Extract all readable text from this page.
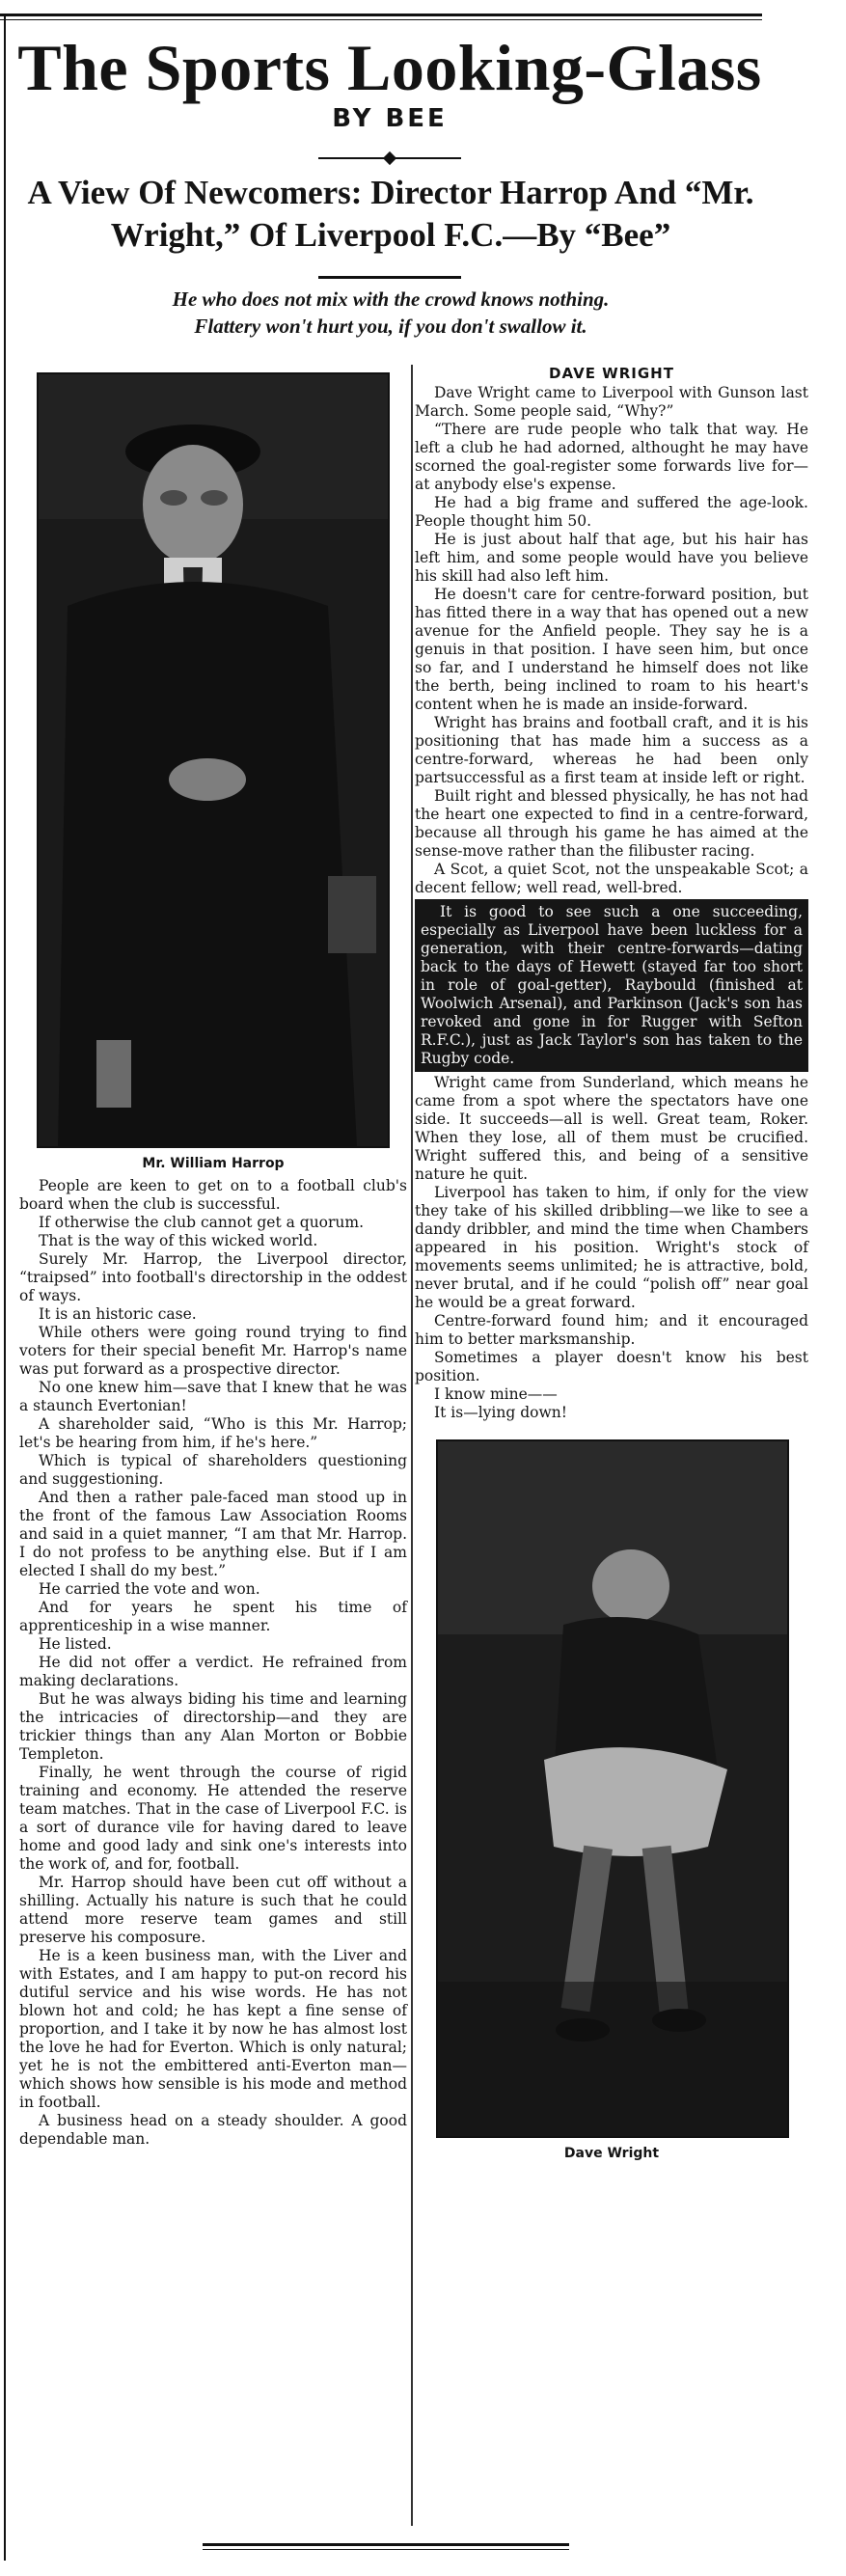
The Sports Looking-Glass
BY BEE
A View Of Newcomers: Director Harrop And “Mr.
Wright,” Of Liverpool F.C.—By “Bee”
He who does not mix with the crowd knows nothing.
Flattery won't hurt you, if you don't swallow it.
Mr. William Harrop

People are keen to get on to a football club's board when the club is successful.

If otherwise the club cannot get a quorum.

That is the way of this wicked world.

Surely Mr. Harrop, the Liverpool director, “traipsed” into football's directorship in the oddest of ways.

It is an historic case.

While others were going round trying to find voters for their special benefit Mr. Harrop's name was put forward as a prospective director.

No one knew him—save that I knew that he was a staunch Evertonian!

A shareholder said, “Who is this Mr. Harrop; let's be hearing from him, if he's here.”

Which is typical of shareholders questioning and suggestioning.

And then a rather pale-faced man stood up in the front of the famous Law Association Rooms and said in a quiet manner, “I am that Mr. Harrop. I do not profess to be anything else. But if I am elected I shall do my best.”

He carried the vote and won.

And for years he spent his time of apprenticeship in a wise manner.

He listed.

He did not offer a verdict. He refrained from making declarations.

But he was always biding his time and learning the intricacies of directorship—and they are trickier things than any Alan Morton or Bobbie Templeton.

Finally, he went through the course of rigid training and economy. He attended the reserve team matches. That in the case of Liverpool F.C. is a sort of durance vile for having dared to leave home and good lady and sink one's interests into the work of, and for, football.

Mr. Harrop should have been cut off without a shilling. Actually his nature is such that he could attend more reserve team games and still preserve his composure.

He is a keen business man, with the Liver and with Estates, and I am happy to put-on record his dutiful service and his wise words. He has not blown hot and cold; he has kept a fine sense of proportion, and I take it by now he has almost lost the love he had for Everton. Which is only natural; yet he is not the embittered anti-Everton man—which shows how sensible is his mode and method in football.

A business head on a steady shoulder. A good dependable man.

DAVE WRIGHT

Dave Wright came to Liverpool with Gunson last March. Some people said, “Why?”

“There are rude people who talk that way. He left a club he had adorned, althought he may have scorned the goal-register some forwards live for—at anybody else's expense.

He had a big frame and suffered the age-look. People thought him 50.

He is just about half that age, but his hair has left him, and some people would have you believe his skill had also left him.

He doesn't care for centre-forward position, but has fitted there in a way that has opened out a new avenue for the Anfield people. They say he is a genuis in that position. I have seen him, but once so far, and I understand he himself does not like the berth, being inclined to roam to his heart's content when he is made an inside-forward.

Wright has brains and football craft, and it is his positioning that has made him a success as a centre-forward, whereas he had been only partsuccessful as a first team at inside left or right.

Built right and blessed physically, he has not had the heart one expected to find in a centre-forward, because all through his game he has aimed at the sense-move rather than the filibuster racing.

A Scot, a quiet Scot, not the unspeakable Scot; a decent fellow; well read, well-bred.

It is good to see such a one succeeding, especially as Liverpool have been luckless for a generation, with their centre-forwards—dating back to the days of Hewett (stayed far too short in role of goal-getter), Raybould (finished at Woolwich Arsenal), and Parkinson (Jack's son has revoked and gone in for Rugger with Sefton R.F.C.), just as Jack Taylor's son has taken to the Rugby code.

Wright came from Sunderland, which means he came from a spot where the spectators have one side. It succeeds—all is well. Great team, Roker. When they lose, all of them must be crucified. Wright suffered this, and being of a sensitive nature he quit.

Liverpool has taken to him, if only for the view they take of his skilled dribbling—we like to see a dandy dribbler, and mind the time when Chambers appeared in his position. Wright's stock of movements seems unlimited; he is attractive, bold, never brutal, and if he could “polish off” near goal he would be a great forward.

Centre-forward found him; and it encouraged him to better marksmanship.

Sometimes a player doesn't know his best position.

I know mine——

It is—lying down!

Dave Wright
